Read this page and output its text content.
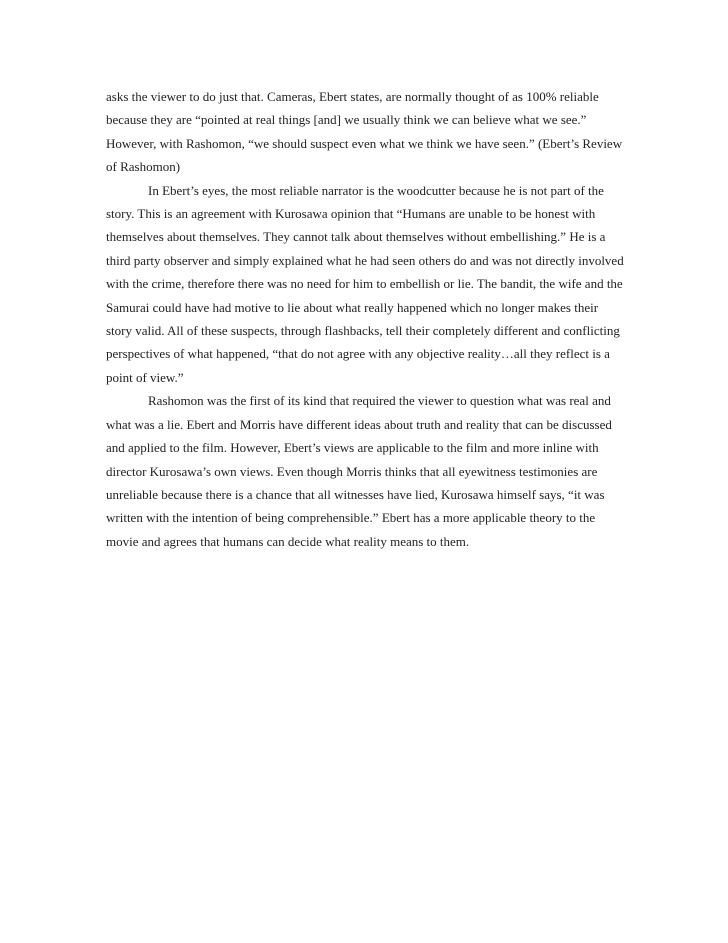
asks the viewer to do just that. Cameras, Ebert states, are normally thought of as 100% reliable because they are “pointed at real things [and] we usually think we can believe what we see.” However, with Rashomon, “we should suspect even what we think we have seen.” (Ebert’s Review of Rashomon)

In Ebert’s eyes, the most reliable narrator is the woodcutter because he is not part of the story. This is an agreement with Kurosawa opinion that “Humans are unable to be honest with themselves about themselves. They cannot talk about themselves without embellishing.” He is a third party observer and simply explained what he had seen others do and was not directly involved with the crime, therefore there was no need for him to embellish or lie. The bandit, the wife and the Samurai could have had motive to lie about what really happened which no longer makes their story valid. All of these suspects, through flashbacks, tell their completely different and conflicting perspectives of what happened, “that do not agree with any objective reality…all they reflect is a point of view.”

Rashomon was the first of its kind that required the viewer to question what was real and what was a lie. Ebert and Morris have different ideas about truth and reality that can be discussed and applied to the film. However, Ebert’s views are applicable to the film and more inline with director Kurosawa’s own views. Even though Morris thinks that all eyewitness testimonies are unreliable because there is a chance that all witnesses have lied, Kurosawa himself says, “it was written with the intention of being comprehensible.” Ebert has a more applicable theory to the movie and agrees that humans can decide what reality means to them.
